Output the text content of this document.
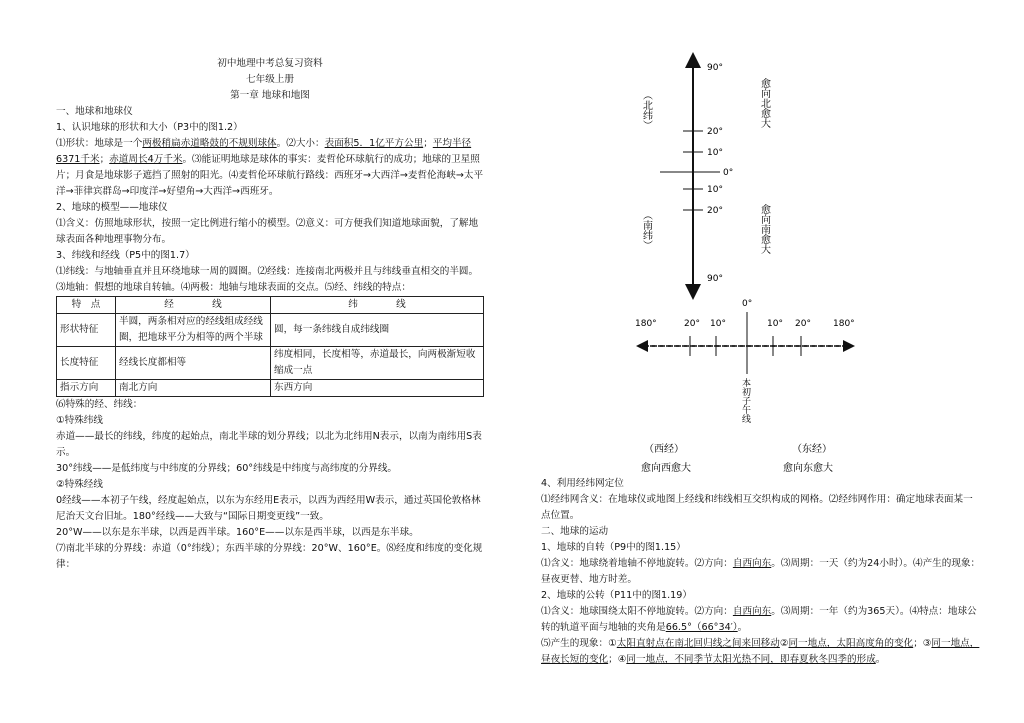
初中地理中考总复习资料
七年级上册
第一章 地球和地图
一、地球和地球仪
1、认识地球的形状和大小（P3中的图1.2）
⑴形状：地球是一个两极稍扁赤道略鼓的不规则球体。⑵大小：表面积5．1亿平方公里；平均半径6371千米；赤道周长4万千米。⑶能证明地球是球体的事实：麦哲伦环球航行的成功；地球的卫星照片；月食是地球影子遮挡了照射的阳光。⑷麦哲伦环球航行路线：西班牙→大西洋→麦哲伦海峡→太平洋→菲律宾群岛→印度洋→好望角→大西洋→西班牙。
2、地球的模型——地球仪
⑴含义：仿照地球形状，按照一定比例进行缩小的模型。⑵意义：可方便我们知道地球面貌，了解地球表面各种地理事物分布。
3、纬线和经线（P5中的图1.7）
⑴纬线：与地轴垂直并且环绕地球一周的圆圈。⑵经线：连接南北两极并且与纬线垂直相交的半圆。
⑶地轴：假想的地球自转轴。⑷两极：地轴与地球表面的交点。⑸经、纬线的特点：
特　点	经　　　　线	纬　　　　线
形状特征	半圆，两条相对应的经线组成经线圈，把地球平分为相等的两个半球	圆，每一条纬线自成纬线圈
长度特征	经线长度都相等	纬度相同，长度相等，赤道最长，向两极渐短收缩成一点
指示方向	南北方向	东西方向
⑹特殊的经、纬线：
①特殊纬线
赤道——最长的纬线，纬度的起始点，南北半球的划分界线；以北为北纬用N表示，以南为南纬用S表示。
30°纬线——是低纬度与中纬度的分界线；60°纬线是中纬度与高纬度的分界线。
②特殊经线
0经线——本初子午线，经度起始点，以东为东经用E表示，以西为西经用W表示，通过英国伦敦格林尼治天文台旧址。180°经线——大致与“国际日期变更线”一致。
20°W——以东是东半球，以西是西半球。160°E——以东是西半球，以西是东半球。
⑺南北半球的分界线：赤道（0°纬线）；东西半球的分界线：20°W、160°E。⑻经度和纬度的变化规律：
90°
20°
10°
0°
10°
20°
90°
（北纬）
（南纬）
愈向北愈大
愈向南愈大
180°	20° 10°
0°
10° 20° 180°
本初子午线
（西经）
愈向西愈大
（东经）
愈向东愈大
4、利用经纬网定位
⑴经纬网含义：在地球仪或地图上经线和纬线相互交织构成的网格。⑵经纬网作用：确定地球表面某一点位置。
二、地球的运动
1、地球的自转（P9中的图1.15）
⑴含义：地球绕着地轴不停地旋转。⑵方向：自西向东。⑶周期：一天（约为24小时）。⑷产生的现象：昼夜更替、地方时差。
2、地球的公转（P11中的图1.19）
⑴含义：地球围绕太阳不停地旋转。⑵方向：自西向东。⑶周期：一年（约为365天）。⑷特点：地球公转的轨道平面与地轴的夹角是66.5°（66°34′）。
⑸产生的现象：①太阳直射点在南北回归线之间来回移动②同一地点，太阳高度角的变化；③同一地点，昼夜长短的变化；④同一地点，不同季节太阳光热不同，即春夏秋冬四季的形成。
